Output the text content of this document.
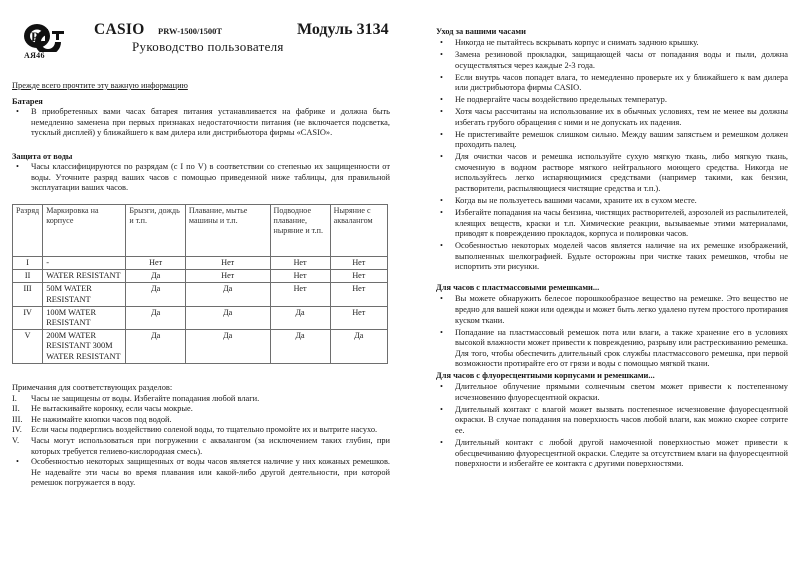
P
АЯ46
CASIO PRW-1500/1500T	Модуль 3134
Руководство пользователя
Прежде всего прочтите эту важную информацию
Батарея
• В приобретенных вами часах батарея питания устанавливается на фабрике и должна быть немедленно заменена при первых признаках недостаточности питания (не включается подсветка, тусклый дисплей) у ближайшего к вам дилера или дистрибьютора фирмы «CASIO».
Защита от воды
• Часы классифицируются по разрядам (с I по V) в соответствии со степенью их защищенности от воды. Уточните разряд ваших часов с помощью приведенной ниже таблицы, для правильной эксплуатации ваших часов.
Разряд	Маркировка на корпусе	Брызги, дождь и т.п.	Плавание, мытье машины и т.п.	Подводное плавание, ныряние и т.п.	Ныряние с аквалангом
I	-	Нет	Нет	Нет	Нет
II	WATER RESISTANT	Да	Нет	Нет	Нет
III	50M WATER RESISTANT	Да	Да	Нет	Нет
IV	100M WATER RESISTANT	Да	Да	Да	Нет
V	200M WATER RESISTANT 300M WATER RESISTANT	Да	Да	Да	Да
Примечания для соответствующих разделов:
I. Часы не защищены от воды. Избегайте попадания любой влаги.
II. Не вытаскивайте коронку, если часы мокрые.
III. Не нажимайте кнопки часов под водой.
IV. Если часы подверглись воздействию соленой воды, то тщательно промойте их и вытрите насухо.
V. Часы могут использоваться при погружении с аквалангом (за исключением таких глубин, при которых требуется гелиево-кислородная смесь).
• Особенностью некоторых защищенных от воды часов является наличие у них кожаных ремешков. Не надевайте эти часы во время плавания или какой-либо другой деятельности, при которой ремешок погружается в воду.
Уход за вашими часами
• Никогда не пытайтесь вскрывать корпус и снимать заднюю крышку.
• Замена резиновой прокладки, защищающей часы от попадания воды и пыли, должна осуществляться через каждые 2-3 года.
• Если внутрь часов попадет влага, то немедленно проверьте их у ближайшего к вам дилера или дистрибьютора фирмы CASIO.
• Не подвергайте часы воздействию предельных температур.
• Хотя часы рассчитаны на использование их в обычных условиях, тем не менее вы должны избегать грубого обращения с ними и не допускать их падения.
• Не пристегивайте ремешок слишком сильно. Между вашим запястьем и ремешком должен проходить палец.
• Для очистки часов и ремешка используйте сухую мягкую ткань, либо мягкую ткань, смоченную в водном растворе мягкого нейтрального моющего средства. Никогда не используйтесь легко испаряющимися средствами (например такими, как бензин, растворители, распыляющиеся чистящие средства и т.п.).
• Когда вы не пользуетесь вашими часами, храните их в сухом месте.
• Избегайте попадания на часы бензина, чистящих растворителей, аэрозолей из распылителей, клеящих веществ, краски и т.п. Химические реакции, вызываемые этими материалами, приводят к повреждению прокладок, корпуса и полировки часов.
• Особенностью некоторых моделей часов является наличие на их ремешке изображений, выполненных шелкографией. Будьте осторожны при чистке таких ремешков, чтобы не испортить эти рисунки.
Для часов с пластмассовыми ремешками...
• Вы можете обнаружить белесое порошкообразное вещество на ремешке. Это вещество не вредно для вашей кожи или одежды и может быть легко удалено путем простого протирания куском ткани.
• Попадание на пластмассовый ремешок пота или влаги, а также хранение его в условиях высокой влажности может привести к повреждению, разрыву или растрескиванию ремешка. Для того, чтобы обеспечить длительный срок службы пластмассового ремешка, при первой возможности протирайте его от грязи и воды с помощью мягкой ткани.
Для часов с флуоресцентными корпусами и ремешками...
• Длительное облучение прямыми солнечным светом может привести к постепенному исчезновению флуоресцентной окраски.
• Длительный контакт с влагой может вызвать постепенное исчезновение флуоресцентной окраски. В случае попадания на поверхность часов любой влаги, как можно скорее сотрите ее.
• Длительный контакт с любой другой намоченной поверхностью может привести к обесцвечиванию флуоресцентной окраски. Следите за отсутствием влаги на флуоресцентной поверхности и избегайте ее контакта с другими поверхностями.
